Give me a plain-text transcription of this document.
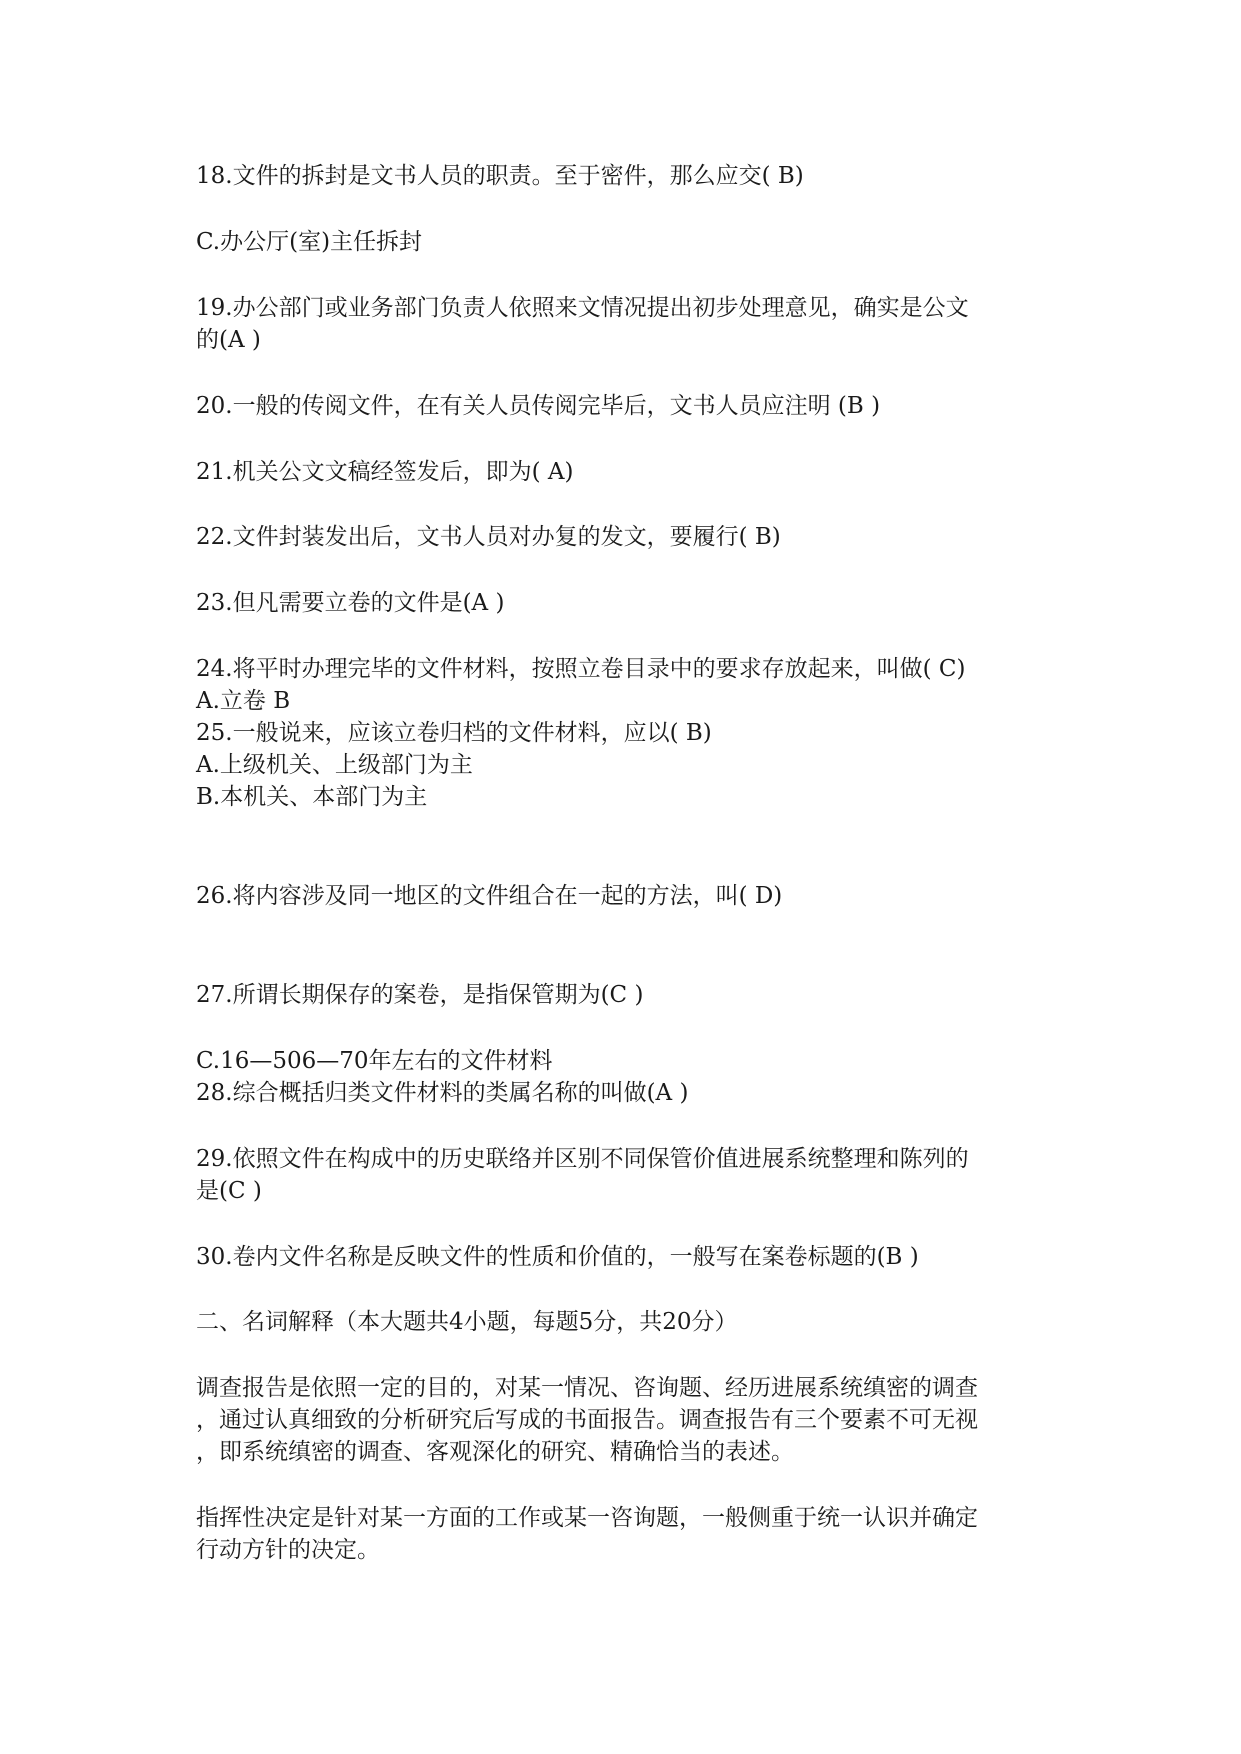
18.文件的拆封是文书人员的职责。至于密件，那么应交( B)
C.办公厅(室)主任拆封
19.办公部门或业务部门负责人依照来文情况提出初步处理意见，确实是公文
的(A )
20.一般的传阅文件，在有关人员传阅完毕后，文书人员应注明 (B )
21.机关公文文稿经签发后，即为( A)
22.文件封装发出后，文书人员对办复的发文，要履行( B)
23.但凡需要立卷的文件是(A )
24.将平时办理完毕的文件材料，按照立卷目录中的要求存放起来，叫做( C)
A.立卷 B
25.一般说来，应该立卷归档的文件材料，应以( B)
A.上级机关、上级部门为主
B.本机关、本部门为主
26.将内容涉及同一地区的文件组合在一起的方法，叫( D)
27.所谓长期保存的案卷，是指保管期为(C )
C.16—506—70年左右的文件材料
28.综合概括归类文件材料的类属名称的叫做(A )
29.依照文件在构成中的历史联络并区别不同保管价值进展系统整理和陈列的
是(C )
30.卷内文件名称是反映文件的性质和价值的，一般写在案卷标题的(B )
二、名词解释（本大题共4小题，每题5分，共20分）
调查报告是依照一定的目的，对某一情况、咨询题、经历进展系统缜密的调查
，通过认真细致的分析研究后写成的书面报告。调查报告有三个要素不可无视
，即系统缜密的调查、客观深化的研究、精确恰当的表述。
指挥性决定是针对某一方面的工作或某一咨询题，一般侧重于统一认识并确定
行动方针的决定。
